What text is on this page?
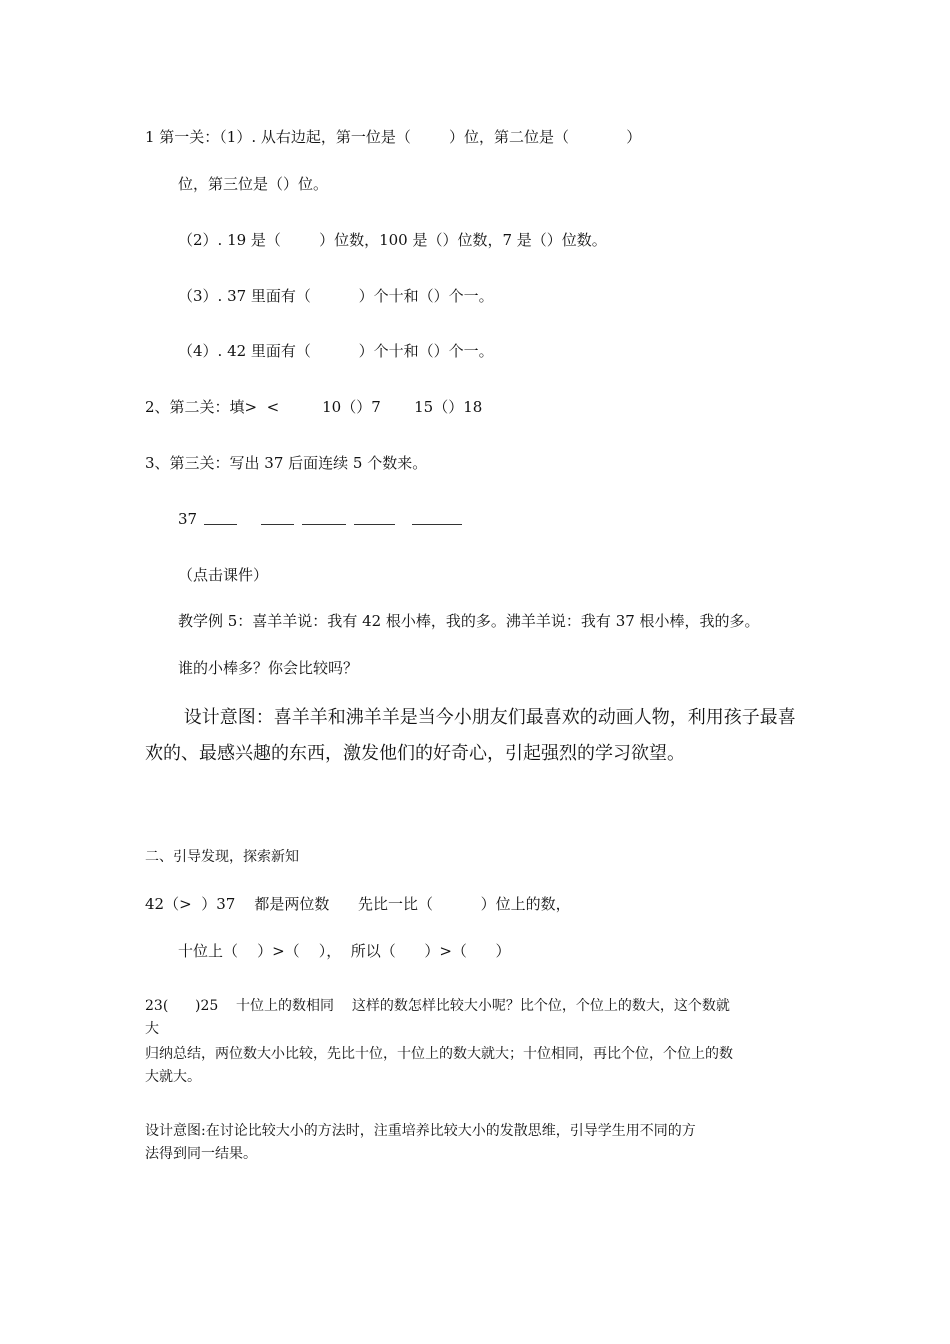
1 第一关：（1）. 从右边起，第一位是（        ）位，第二位是（            ）
位，第三位是（）位。
（2）. 19 是（        ）位数，100 是（）位数，7 是（）位数。
（3）. 37 里面有（          ）个十和（）个一。
（4）. 42 里面有（          ）个十和（）个一。
2、第二关：填>  <         10（）7       15（）18
3、第三关：写出 37 后面连续 5 个数来。
37
（点击课件）
教学例 5：喜羊羊说：我有 42 根小棒，我的多。沸羊羊说：我有 37 根小棒，我的多。
谁的小棒多？你会比较吗？
设计意图：喜羊羊和沸羊羊是当今小朋友们最喜欢的动画人物，利用孩子最喜
欢的、最感兴趣的东西，激发他们的好奇心，引起强烈的学习欲望。
二、引导发现，探索新知
42（>  ）37    都是两位数      先比一比（          ）位上的数，
十位上（    ）>（    ），  所以（      ）>（      ）
23(      )25    十位上的数相同    这样的数怎样比较大小呢？比个位，个位上的数大，这个数就
大
归纳总结，两位数大小比较，先比十位，十位上的数大就大；十位相同，再比个位，个位上的数
大就大。
设计意图:在讨论比较大小的方法时，注重培养比较大小的发散思维，引导学生用不同的方
法得到同一结果。
